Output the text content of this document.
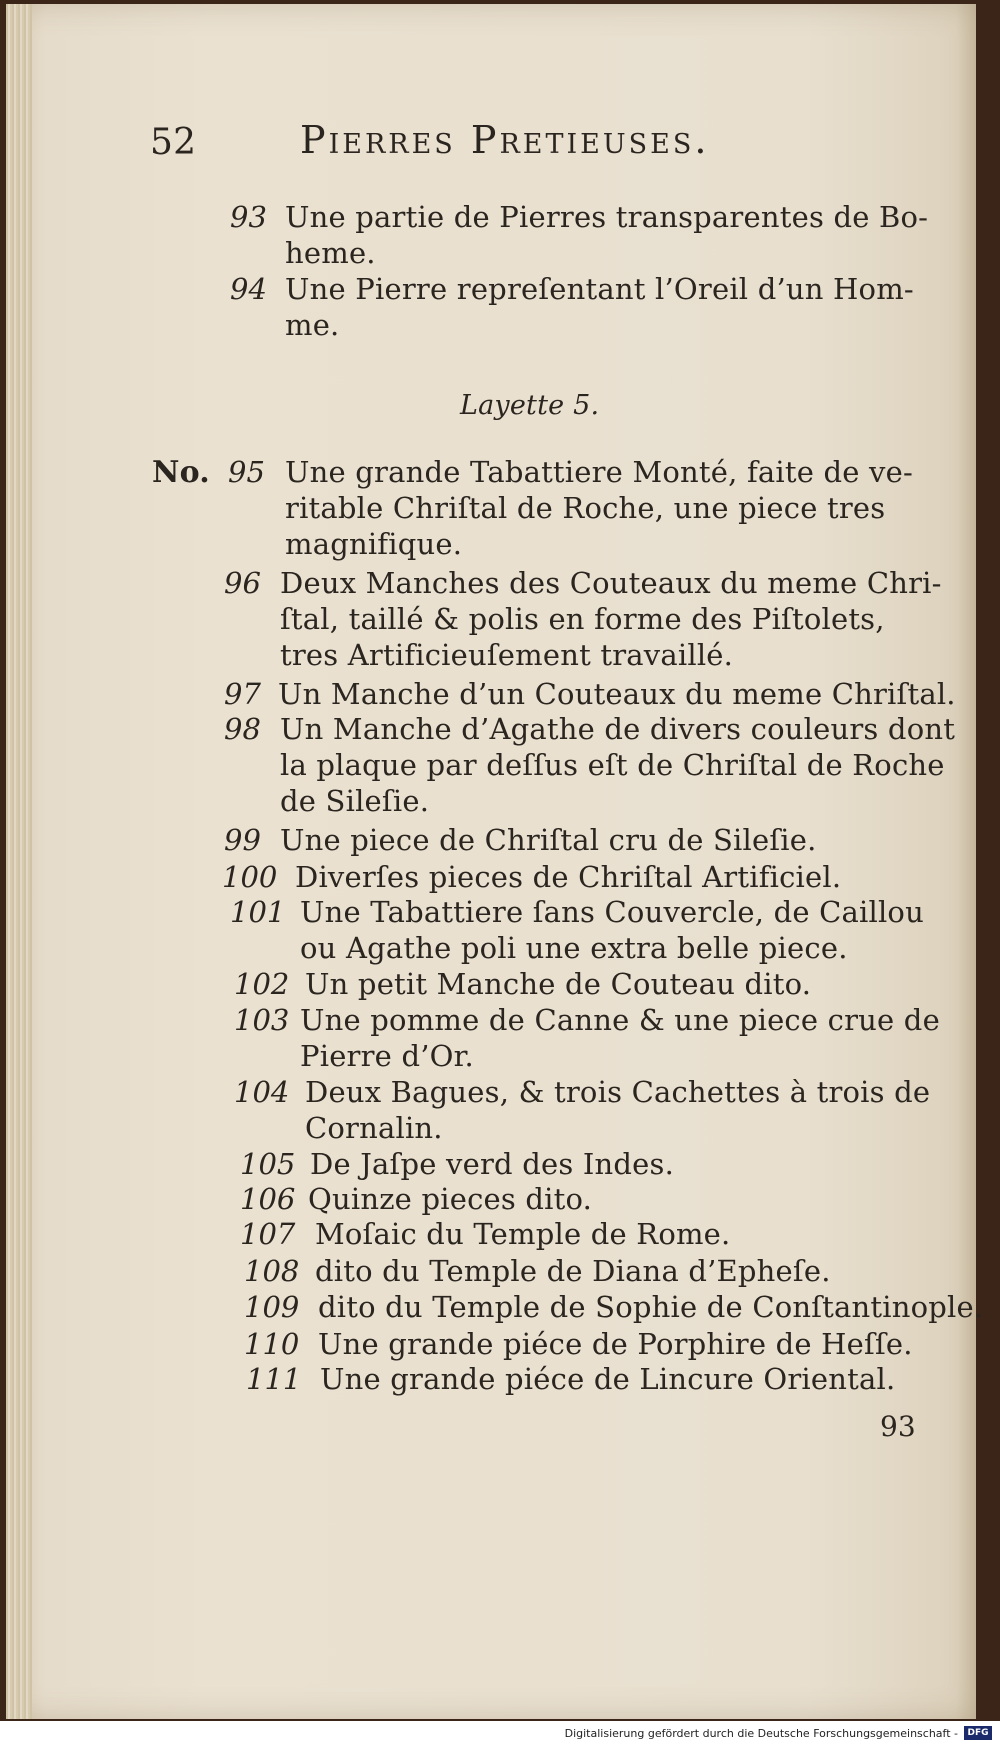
52	Pierres Pretieuses.
93 Une partie de Pierres transparentes de Bo-
heme.
94 Une Pierre repreſentant l’Oreil d’un Hom-
me.
Layette 5.
No. 95 Une grande Tabattiere Monté, faite de ve-
ritable Chriſtal de Roche, une piece tres
magnifique.
96 Deux Manches des Couteaux du meme Chri-
ſtal, taillé & polis en forme des Piſtolets,
tres Artificieuſement travaillé.
97 Un Manche d’un Couteaux du meme Chriſtal.
98 Un Manche d’Agathe de divers couleurs dont
la plaque par deſſus eſt de Chriſtal de Roche
de Sileſie.
99 Une piece de Chriſtal cru de Sileſie.
100 Diverſes pieces de Chriſtal Artificiel.
101 Une Tabattiere ſans Couvercle, de Caillou
ou Agathe poli une extra belle piece.
102 Un petit Manche de Couteau dito.
103 Une pomme de Canne & une piece crue de
Pierre d’Or.
104 Deux Bagues, & trois Cachettes à trois de
Cornalin.
105 De Jaſpe verd des Indes.
106 Quinze pieces dito.
107 Moſaic du Temple de Rome.
108 dito du Temple de Diana d’Epheſe.
109 dito du Temple de Sophie de Conſtantinople.
110 Une grande piéce de Porphire de Heſſe.
111 Une grande piéce de Lincure Oriental.
93
Digitalisierung gefördert durch die Deutsche Forschungsgemeinschaft -	DFG
